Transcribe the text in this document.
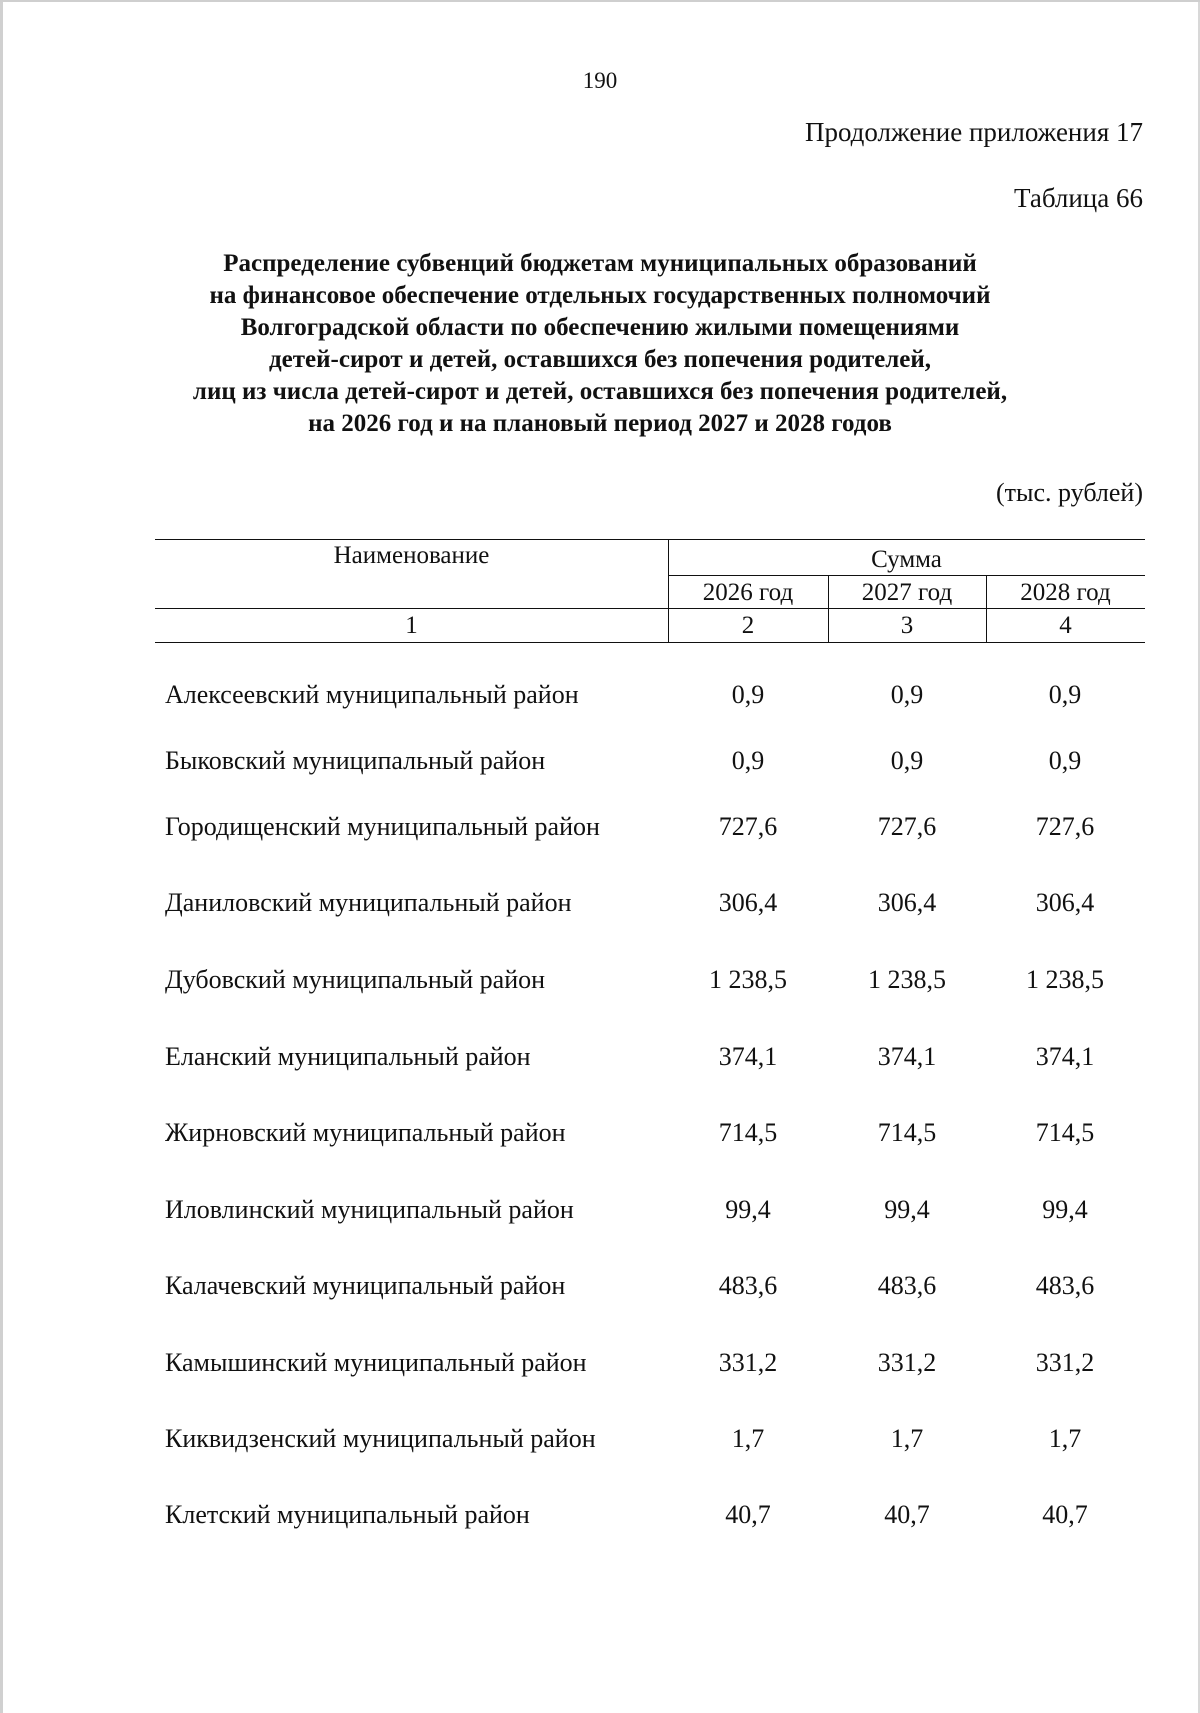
190
Продолжение приложения 17
Таблица 66
Распределение субвенций бюджетам муниципальных образований
на финансовое обеспечение отдельных государственных полномочий
Волгоградской области по обеспечению жилыми помещениями
детей-сирот и детей, оставшихся без попечения родителей,
лиц из числа детей-сирот и детей, оставшихся без попечения родителей,
на 2026 год и на плановый период 2027 и 2028 годов
(тыс. рублей)
Наименование	Сумма
2026 год	2027 год	2028 год
1	2	3	4
Алексеевский муниципальный район	0,9	0,9	0,9
Быковский муниципальный район	0,9	0,9	0,9
Городищенский муниципальный район	727,6	727,6	727,6
Даниловский муниципальный район	306,4	306,4	306,4
Дубовский муниципальный район	1 238,5	1 238,5	1 238,5
Еланский муниципальный район	374,1	374,1	374,1
Жирновский муниципальный район	714,5	714,5	714,5
Иловлинский муниципальный район	99,4	99,4	99,4
Калачевский муниципальный район	483,6	483,6	483,6
Камышинский муниципальный район	331,2	331,2	331,2
Киквидзенский муниципальный район	1,7	1,7	1,7
Клетский муниципальный район	40,7	40,7	40,7
